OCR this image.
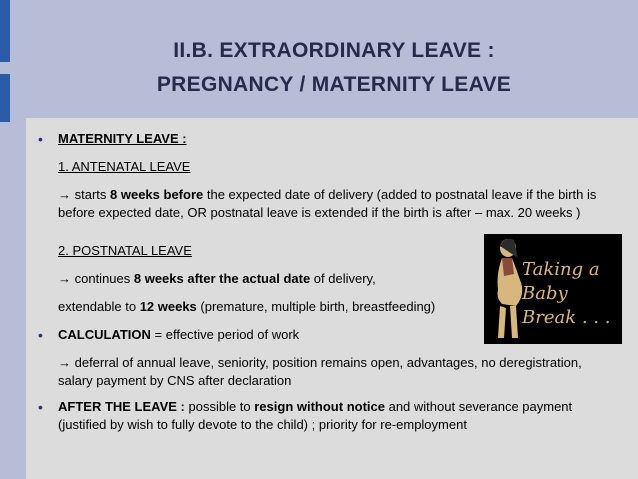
II.B. EXTRAORDINARY LEAVE :
PREGNANCY / MATERNITY LEAVE
• MATERNITY LEAVE :
1. ANTENATAL LEAVE
→ starts 8 weeks before the expected date of delivery (added to postnatal leave if the birth is before expected date, OR postnatal leave is extended if the birth is after – max. 20 weeks )
2. POSTNATAL LEAVE
→ continues 8 weeks after the actual date of delivery,
extendable to 12 weeks (premature, multiple birth, breastfeeding)
• CALCULATION = effective period of work
→ deferral of annual leave, seniority, position remains open, advantages, no deregistration, salary payment by CNS after declaration
• AFTER THE LEAVE : possible to resign without notice and without severance payment (justified by wish to fully devote to the child) ; priority for re-employment
Taking a
Baby
Break . . .
